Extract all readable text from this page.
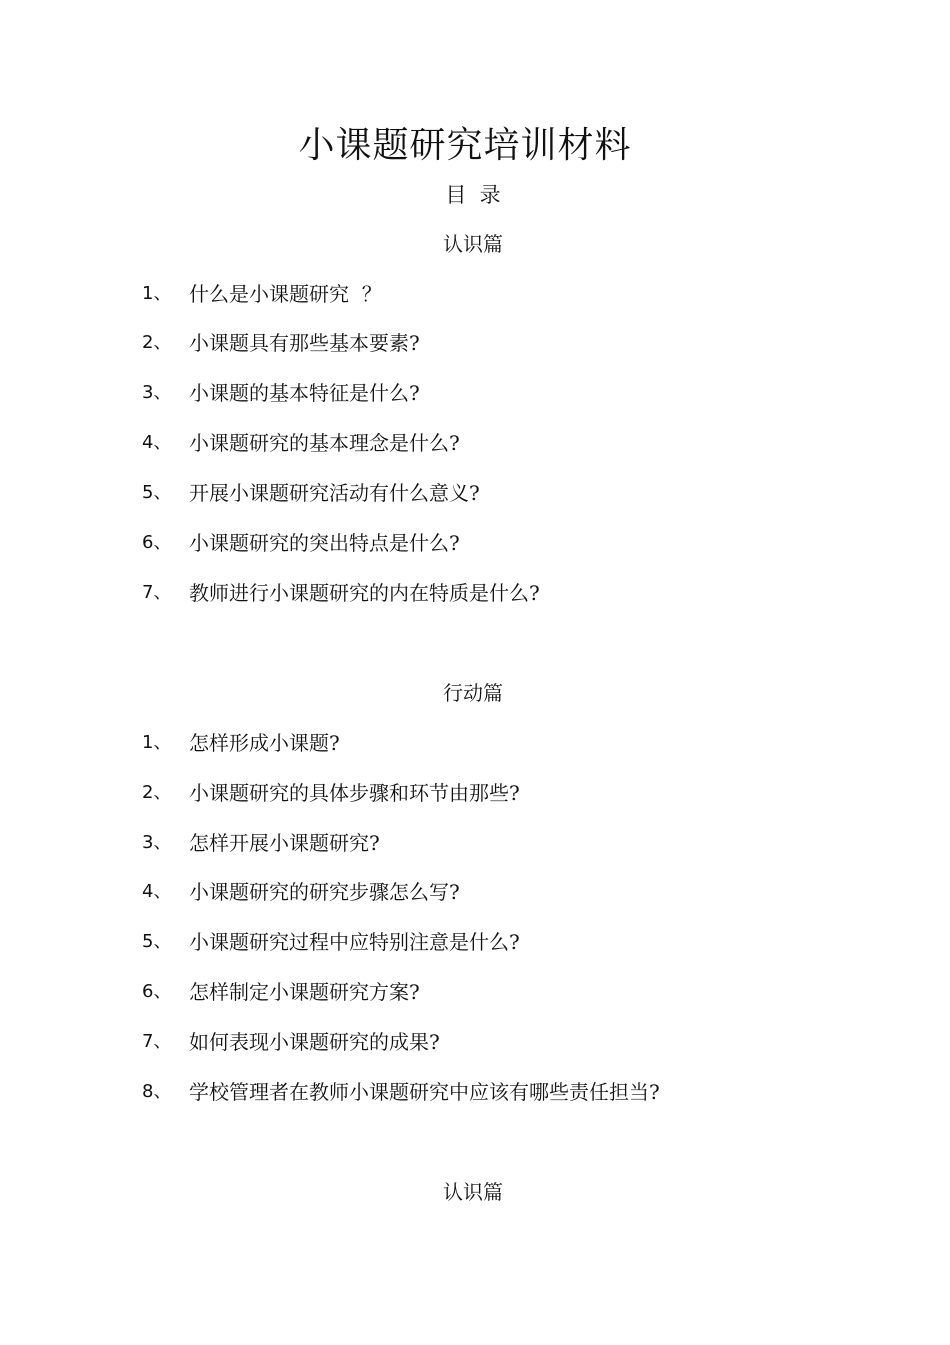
小课题研究培训材料
目  录
认识篇
1、 什么是小课题研究  ？
2、 小课题具有那些基本要素?
3、 小课题的基本特征是什么?
4、 小课题研究的基本理念是什么?
5、 开展小课题研究活动有什么意义?
6、 小课题研究的突出特点是什么?
7、 教师进行小课题研究的内在特质是什么?
行动篇
1、 怎样形成小课题?
2、 小课题研究的具体步骤和环节由那些?
3、 怎样开展小课题研究?
4、 小课题研究的研究步骤怎么写?
5、 小课题研究过程中应特别注意是什么?
6、 怎样制定小课题研究方案?
7、 如何表现小课题研究的成果?
8、 学校管理者在教师小课题研究中应该有哪些责任担当?
认识篇
